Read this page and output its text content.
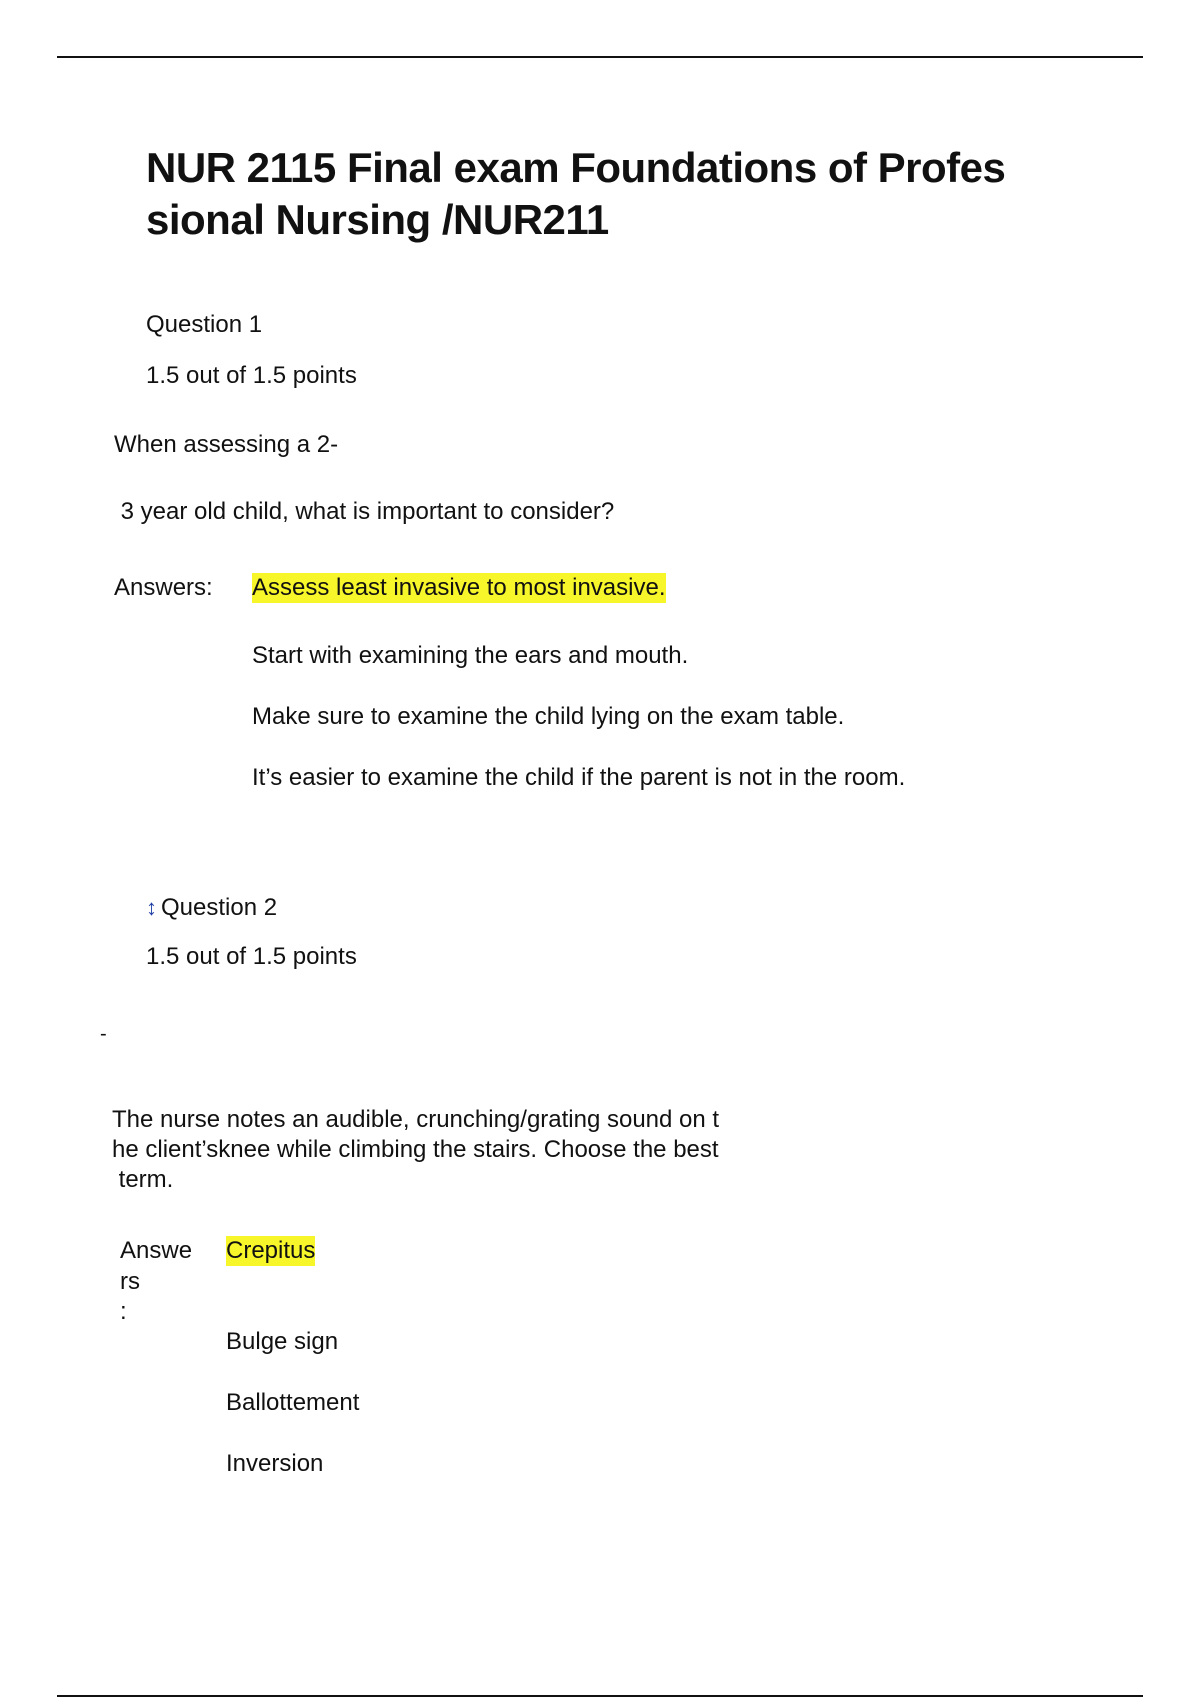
NUR 2115 Final exam Foundations of Profes
sional Nursing /NUR211
Question 1
1.5 out of 1.5 points
When assessing a 2-
3 year old child, what is important to consider?
Answers: Assess least invasive to most invasive.
Start with examining the ears and mouth.
Make sure to examine the child lying on the exam table.
It’s easier to examine the child if the parent is not in the room.
↕ Question 2
1.5 out of 1.5 points
-
The nurse notes an audible, crunching/grating sound on t
he client’sknee while climbing the stairs. Choose the best
term.
Answe
rs
:
Crepitus
Bulge sign
Ballottement
Inversion
